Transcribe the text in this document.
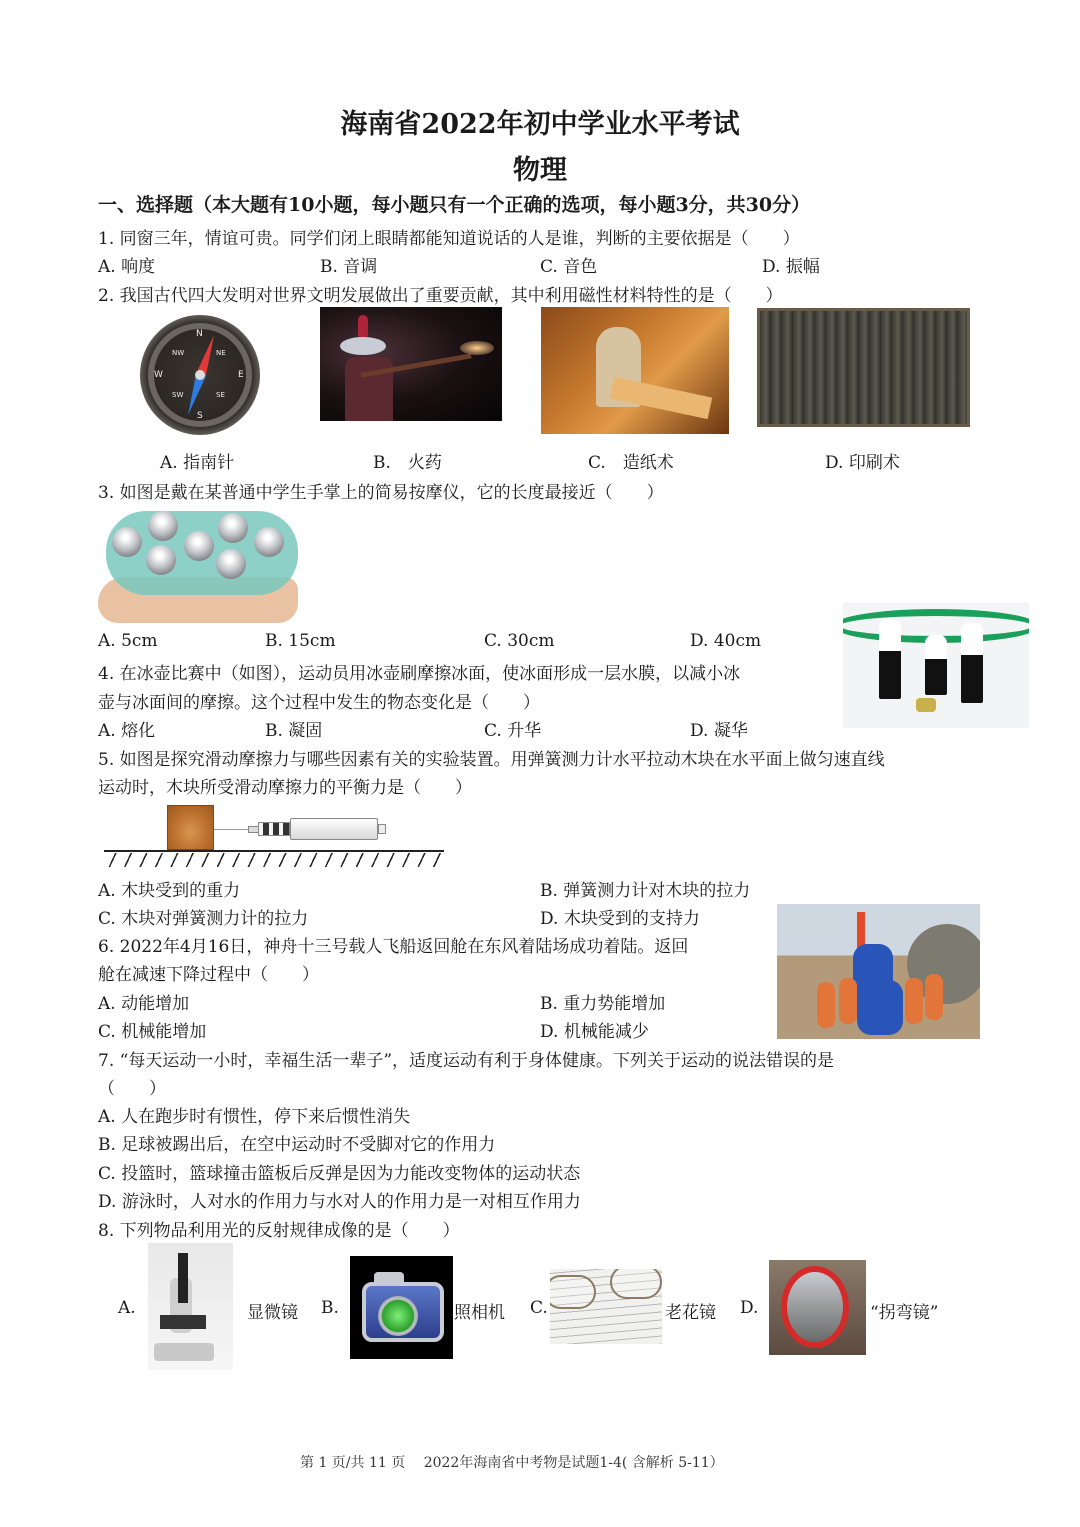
海南省2022年初中学业水平考试
物理
一、选择题（本大题有10小题，每小题只有一个正确的选项，每小题3分，共30分）
1. 同窗三年，情谊可贵。同学们闭上眼睛都能知道说话的人是谁，判断的主要依据是（　　）
A. 响度	B. 音调	C. 音色	D. 振幅
2. 我国古代四大发明对世界文明发展做出了重要贡献，其中利用磁性材料特性的是（　　）
N
S
E
W
NW	NE
SW	SE
A. 指南针	B.　火药	C.　造纸术	D. 印刷术
3. 如图是戴在某普通中学生手掌上的简易按摩仪，它的长度最接近（　　）
A. 5cm	B. 15cm	C. 30cm	D. 40cm
4. 在冰壶比赛中（如图），运动员用冰壶刷摩擦冰面，使冰面形成一层水膜，以减小冰
壶与冰面间的摩擦。这个过程中发生的物态变化是（　　）
A. 熔化	B. 凝固	C. 升华	D. 凝华
5. 如图是探究滑动摩擦力与哪些因素有关的实验装置。用弹簧测力计水平拉动木块在水平面上做匀速直线
运动时，木块所受滑动摩擦力的平衡力是（　　）
A. 木块受到的重力	B. 弹簧测力计对木块的拉力
C. 木块对弹簧测力计的拉力	D. 木块受到的支持力
6. 2022年4月16日，神舟十三号载人飞船返回舱在东风着陆场成功着陆。返回
舱在减速下降过程中（　　）
A. 动能增加	B. 重力势能增加
C. 机械能增加	D. 机械能减少
7. “每天运动一小时，幸福生活一辈子”，适度运动有利于身体健康。下列关于运动的说法错误的是
（　　）
A. 人在跑步时有惯性，停下来后惯性消失
B. 足球被踢出后，在空中运动时不受脚对它的作用力
C. 投篮时，篮球撞击篮板后反弹是因为力能改变物体的运动状态
D. 游泳时，人对水的作用力与水对人的作用力是一对相互作用力
8. 下列物品利用光的反射规律成像的是（　　）
A.	显微镜 B.	照相机 C.	老花镜 D.	“拐弯镜”
第 1 页/共 11 页　 2022年海南省中考物是试题1-4( 含解析 5-11）
